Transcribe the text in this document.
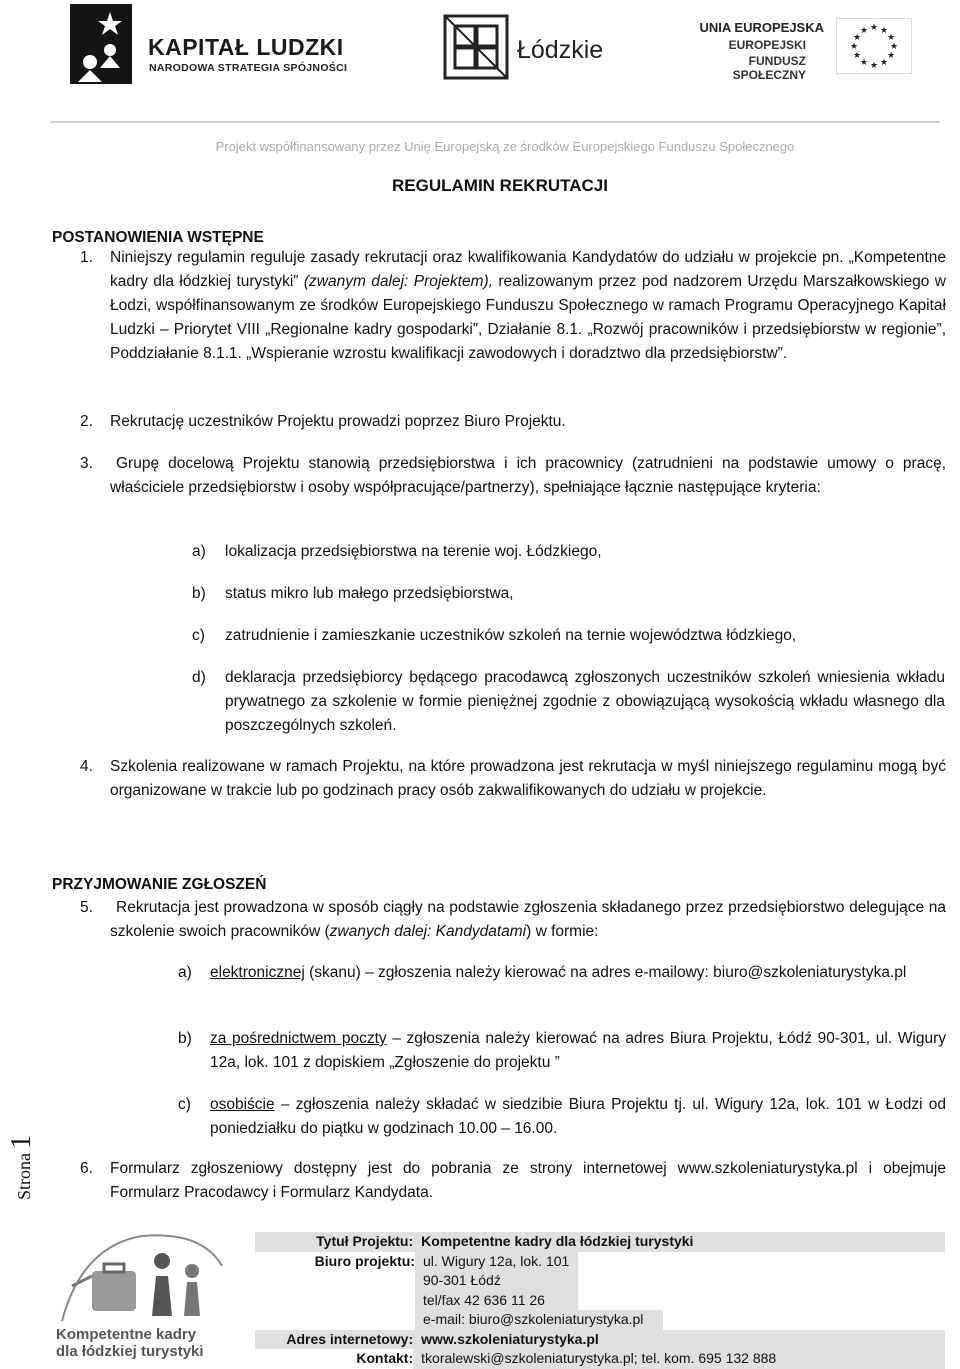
KAPITAŁ LUDZKI
NARODOWA STRATEGIA SPÓJNOŚCI
Łódzkie
UNIA EUROPEJSKA
EUROPEJSKI
FUNDUSZ SPOŁECZNY
★ ★
★
★
★
★
★
★
★
★
★
★
Projekt współfinansowany przez Unię Europejską ze środków Europejskiego Funduszu Społecznego
REGULAMIN REKRUTACJI
POSTANOWIENIA WSTĘPNE
1. Niniejszy regulamin reguluje zasady rekrutacji oraz kwalifikowania Kandydatów do udziału w projekcie pn. „Kompetentne kadry dla łódzkiej turystyki” (zwanym dalej: Projektem), realizowanym przez pod nadzorem Urzędu Marszałkowskiego w Łodzi, współfinansowanym ze środków Europejskiego Funduszu Społecznego w ramach Programu Operacyjnego Kapitał Ludzki – Priorytet VIII „Regionalne kadry gospodarki”, Działanie 8.1. „Rozwój pracowników i przedsiębiorstw w regionie”, Poddziałanie 8.1.1. „Wspieranie wzrostu kwalifikacji zawodowych i doradztwo dla przedsiębiorstw”.
2. Rekrutację uczestników Projektu prowadzi poprzez Biuro Projektu.
3.	Grupę docelową Projektu stanowią przedsiębiorstwa i ich pracownicy (zatrudnieni na podstawie umowy o pracę, właściciele przedsiębiorstw i osoby współpracujące/partnerzy), spełniające łącznie następujące kryteria:
a) lokalizacja przedsiębiorstwa na terenie woj. Łódzkiego,
b) status mikro lub małego przedsiębiorstwa,
c) zatrudnienie i zamieszkanie uczestników szkoleń na ternie województwa łódzkiego,
d) deklaracja przedsiębiorcy będącego pracodawcą zgłoszonych uczestników szkoleń wniesienia wkładu prywatnego za szkolenie w formie pieniężnej zgodnie z obowiązującą wysokością wkładu własnego dla poszczególnych szkoleń.
4. Szkolenia realizowane w ramach Projektu, na które prowadzona jest rekrutacja w myśl niniejszego regulaminu mogą być organizowane w trakcie lub po godzinach pracy osób zakwalifikowanych do udziału w projekcie.
PRZYJMOWANIE ZGŁOSZEŃ
5.	Rekrutacja jest prowadzona w sposób ciągły na podstawie zgłoszenia składanego przez przedsiębiorstwo delegujące na szkolenie swoich pracowników (zwanych dalej: Kandydatami) w formie:
a) elektronicznej (skanu) – zgłoszenia należy kierować na adres e-mailowy: biuro@szkoleniaturystyka.pl
b) za pośrednictwem poczty – zgłoszenia należy kierować na adres Biura Projektu, Łódź 90-301, ul. Wigury 12a, lok. 101 z dopiskiem „Zgłoszenie do projektu ”
c) osobiście – zgłoszenia należy składać w siedzibie Biura Projektu tj. ul. Wigury 12a, lok. 101 w Łodzi od poniedziałku do piątku w godzinach 10.00 – 16.00.
6. Formularz zgłoszeniowy dostępny jest do pobrania ze strony internetowej www.szkoleniaturystyka.pl i obejmuje Formularz Pracodawcy i Formularz Kandydata.
Strona 1
Kompetentne kadry
dla łódzkiej turystyki
Tytuł Projektu: Kompetentne kadry dla łódzkiej turystyki
Biuro projektu: ul. Wigury 12a, lok. 101
90-301 Łódź
tel/fax 42 636 11 26
e-mail: biuro@szkoleniaturystyka.pl
Adres internetowy: www.szkoleniaturystyka.pl
Kontakt: tkoralewski@szkoleniaturystyka.pl; tel. kom. 695 132 888
